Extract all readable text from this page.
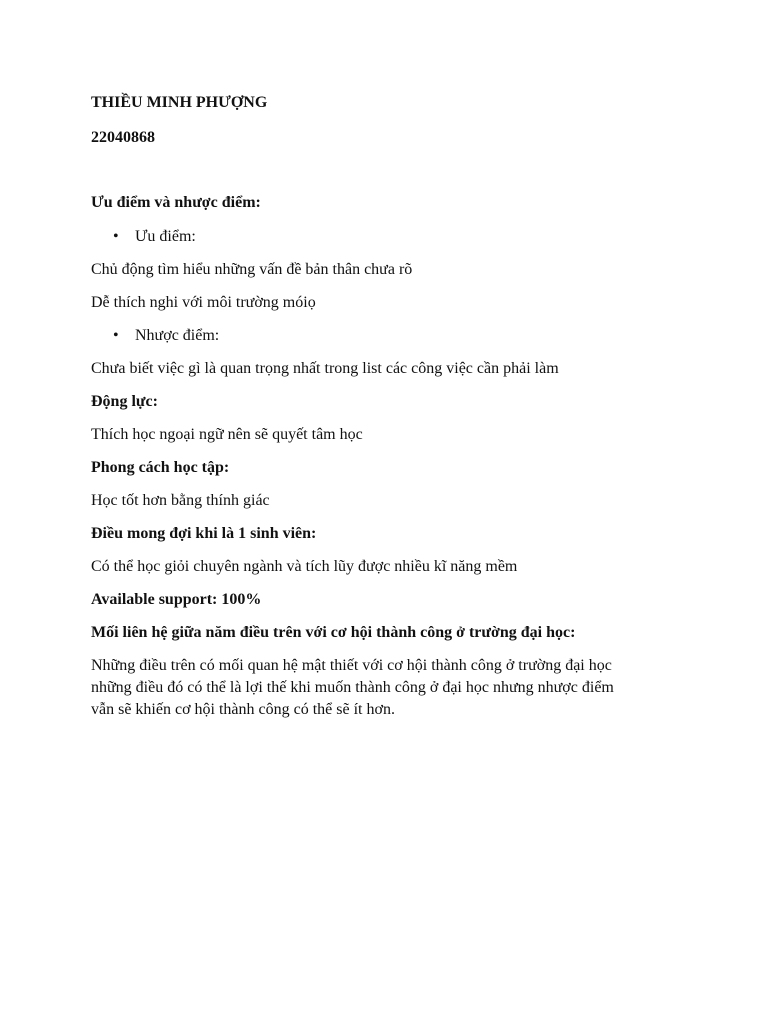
THIỀU MINH PHƯỢNG

22040868

Ưu điểm và nhược điểm:

• Ưu điểm:

Chủ động tìm hiểu những vấn đề bản thân chưa rõ

Dễ thích nghi với môi trường móiọ

• Nhược điểm:

Chưa biết việc gì là quan trọng nhất trong list các công việc cần phải làm

Động lực:

Thích học ngoại ngữ nên sẽ quyết tâm học

Phong cách học tập:

Học tốt hơn bằng thính giác

Điều mong đợi khi là 1 sinh viên:

Có thể học giỏi chuyên ngành và tích lũy được nhiều kĩ năng mềm

Available support: 100%

Mối liên hệ giữa năm điều trên với cơ hội thành công ở trường đại học:

Những điều trên có mối quan hệ mật thiết với cơ hội thành công ở trường đại học

những điều đó có thể là lợi thế khi muốn thành công ở đại học nhưng nhược điểm

vẫn sẽ khiến cơ hội thành công có thể sẽ ít hơn.
